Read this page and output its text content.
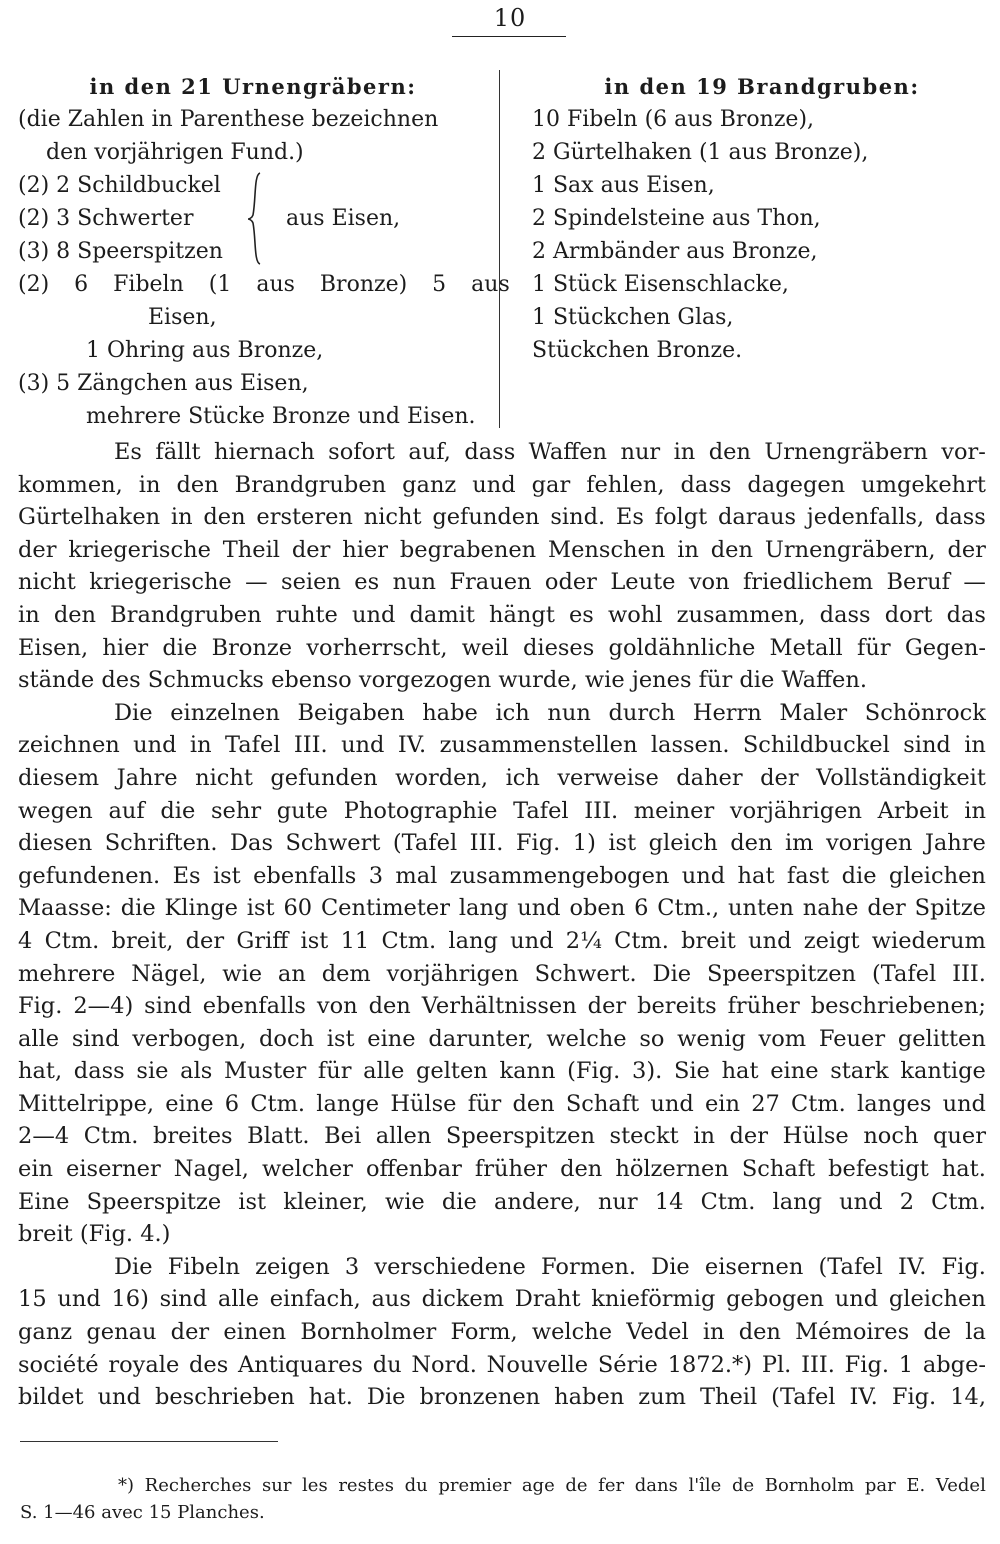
10
in den 21 Urnengräbern:
(die Zahlen in Parenthese bezeichnen
den vorjährigen Fund.)
(2) 2 Schildbuckel
(2) 3 Schwerter
(3) 8 Speerspitzen
aus Eisen,
(2) 6 Fibeln (1 aus Bronze) 5 aus
Eisen,
1 Ohring aus Bronze,
(3) 5 Zängchen aus Eisen,
mehrere Stücke Bronze und Eisen.
in den 19 Brandgruben:
10 Fibeln (6 aus Bronze),
2 Gürtelhaken (1 aus Bronze),
1 Sax aus Eisen,
2 Spindelsteine aus Thon,
2 Armbänder aus Bronze,
1 Stück Eisenschlacke,
1 Stückchen Glas,
Stückchen Bronze.
Es fällt hiernach sofort auf, dass Waffen nur in den Urnengräbern vor-
kommen, in den Brandgruben ganz und gar fehlen, dass dagegen umgekehrt
Gürtelhaken in den ersteren nicht gefunden sind. Es folgt daraus jedenfalls, dass
der kriegerische Theil der hier begrabenen Menschen in den Urnengräbern, der
nicht kriegerische — seien es nun Frauen oder Leute von friedlichem Beruf —
in den Brandgruben ruhte und damit hängt es wohl zusammen, dass dort das
Eisen, hier die Bronze vorherrscht, weil dieses goldähnliche Metall für Gegen-
stände
des
Schmucks
ebenso
vorgezogen
wurde,
wie
jenes
für
die
Waffen.

Die einzelnen Beigaben habe ich nun durch Herrn Maler Schönrock
zeichnen und in Tafel III. und IV. zusammenstellen lassen. Schildbuckel sind in
diesem Jahre nicht gefunden worden, ich verweise daher der Vollständigkeit
wegen auf die sehr gute Photographie Tafel III. meiner vorjährigen Arbeit in
diesen Schriften. Das Schwert (Tafel III. Fig. 1) ist gleich den im vorigen Jahre
gefundenen. Es ist ebenfalls 3 mal zusammengebogen und hat fast die gleichen
Maasse: die Klinge ist 60 Centimeter lang und oben 6 Ctm., unten nahe der Spitze
4 Ctm. breit, der Griff ist 11 Ctm. lang und 2¼ Ctm. breit und zeigt wiederum
mehrere Nägel, wie an dem vorjährigen Schwert. Die Speerspitzen (Tafel III.
Fig. 2—4) sind ebenfalls von den Verhältnissen der bereits früher beschriebenen;
alle sind verbogen, doch ist eine darunter, welche so wenig vom Feuer gelitten
hat, dass sie als Muster für alle gelten kann (Fig. 3). Sie hat eine stark kantige
Mittelrippe, eine 6 Ctm. lange Hülse für den Schaft und ein 27 Ctm. langes und
2—4 Ctm. breites Blatt. Bei allen Speerspitzen steckt in der Hülse noch quer
ein eiserner Nagel, welcher offenbar früher den hölzernen Schaft befestigt hat.
Eine Speerspitze ist kleiner, wie die andere, nur 14 Ctm. lang und 2 Ctm.
breit
(Fig.
4.)

Die Fibeln zeigen 3 verschiedene Formen. Die eisernen (Tafel IV. Fig.
15 und 16) sind alle einfach, aus dickem Draht knieförmig gebogen und gleichen
ganz genau der einen Bornholmer Form, welche Vedel in den Mémoires de la
société royale des Antiquares du Nord. Nouvelle Série 1872.*) Pl. III. Fig. 1 abge-
bildet und beschrieben hat. Die bronzenen haben zum Theil (Tafel IV. Fig. 14,
*) Recherches sur les restes du premier age de fer dans l'île de Bornholm par E. Vedel
S. 1—46 avec 15 Planches.
